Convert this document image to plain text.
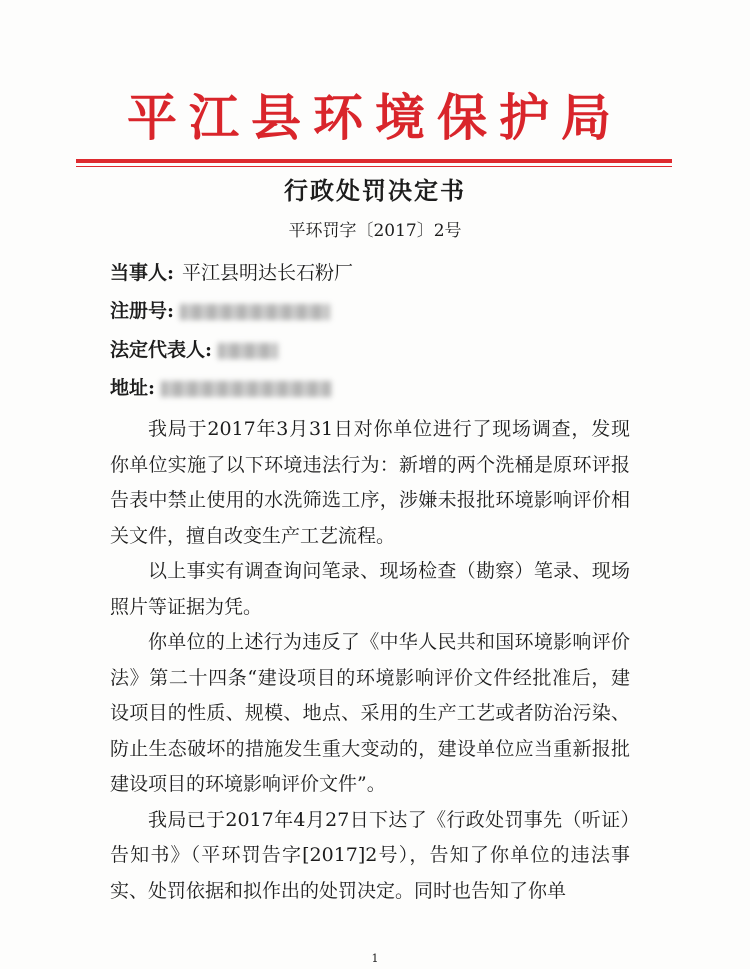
平江县环境保护局
行政处罚决定书
平环罚字〔2017〕2号
当事人: 平江县明达长石粉厂
注册号:
法定代表人:
地址:

我局于2017年3月31日对你单位进行了现场调查，发现你单位实施了以下环境违法行为：新增的两个洗桶是原环评报告表中禁止使用的水洗筛选工序，涉嫌未报批环境影响评价相关文件，擅自改变生产工艺流程。

以上事实有调查询问笔录、现场检查（勘察）笔录、现场照片等证据为凭。

你单位的上述行为违反了《中华人民共和国环境影响评价法》第二十四条“建设项目的环境影响评价文件经批准后，建设项目的性质、规模、地点、采用的生产工艺或者防治污染、防止生态破坏的措施发生重大变动的，建设单位应当重新报批建设项目的环境影响评价文件”。

我局已于2017年4月27日下达了《行政处罚事先（听证）告知书》（平环罚告字[2017]2号），告知了你单位的违法事实、处罚依据和拟作出的处罚决定。同时也告知了你单

1
